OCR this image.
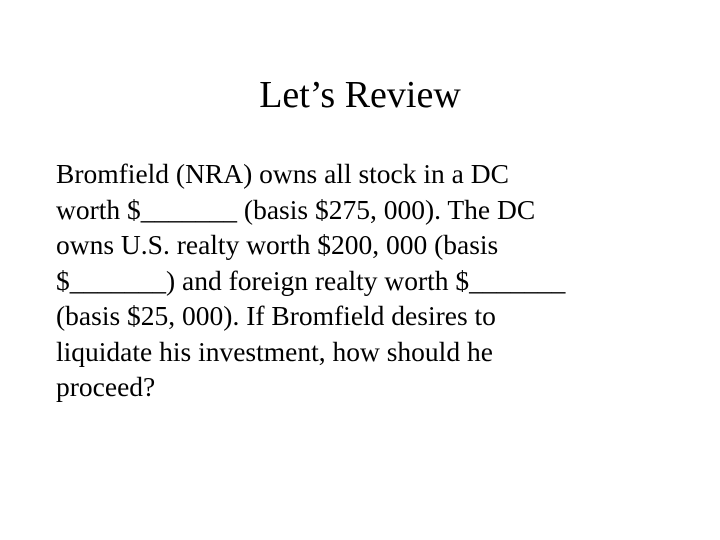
Let’s Review
Bromfield (NRA) owns all stock in a DC
worth $_______ (basis $275, 000). The DC
owns U.S. realty worth $200, 000 (basis
$_______) and foreign realty worth $_______
(basis $25, 000). If Bromfield desires to
liquidate his investment, how should he
proceed?
